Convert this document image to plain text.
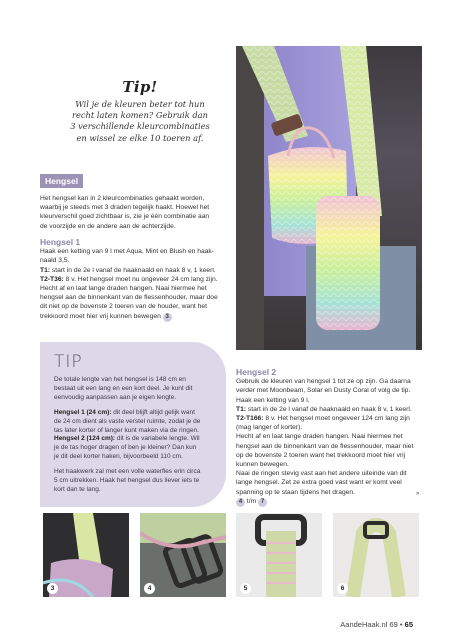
Tip!
Wil je de kleuren beter tot hun
recht laten komen? Gebruik dan
3 verschillende kleurcombinaties
en wissel ze elke 10 toeren af.
Hengsel
Het hengsel kan in 2 kleurcombinaties gehaakt worden,
waarbij je steeds met 3 draden tegelijk haakt. Hoewel het
kleurverschil goed zichtbaar is, zie je één combinatie aan
de voorzijde en de andere aan de achterzijde.
Hengsel 1
Haak een ketting van 9 l met Aqua, Mint en Blush en haak-
naald 3,5.
T1: start in de 2e l vanaf de haaknaald en haak 8 v, 1 keerl.
T2-T36: 8 v. Het hengsel moet nu ongeveer 24 cm lang zijn.
Hecht af en laat lange draden hangen. Naai hiermee het
hengsel aan de binnenkant van de flessenhouder, maar doe
dit niet op de bovenste 2 toeren van de houder, want het
trekkoord moet hier vrij kunnen bewegen 3
TIP

De totale lengte van het hengsel is 148 cm en
bestaat uit een lang en een kort deel. Je kunt dit
eenvoudig aanpassen aan je eigen lengte.

Hengsel 1 (24 cm): dit deel blijft altijd gelijk want
de 24 cm dient als vaste verstel ruimte, zodat je de
tas later korter of langer kunt maken via de ringen.
Hengsel 2 (124 cm): dit is de variabele lengte. Wil
je de tas hoger dragen of ben je kleiner? Dan kun
je dit deel korter haken, bijvoorbeeld 110 cm.

Het haakwerk zal met een volle waterfles erin circa
5 cm uitrekken. Haak het hengsel dus liever iets te
kort dan te lang.

Hengsel 2
Gebruik de kleuren van hengsel 1 tot ze op zijn. Ga daarna
verder met Moonbeam, Solar en Dusty Coral of volg de tip.
Haak een ketting van 9 l.
T1: start in de 2e l vanaf de haaknaald en haak 8 v, 1 keerl.
T2-T166: 8 v. Het hengsel moet ongeveer 124 cm lang zijn
(mag langer of korter).
Hecht af en laat lange draden hangen. Naai hiermee het
hengsel aan de binnenkant van de flessenhouder, maar niet
op de bovenste 2 toeren want het trekkoord moet hier vrij
kunnen bewegen.
Naai de ringen stevig vast aan het andere uiteinde van dit
lange hengsel. Zet ze extra goed vast want er komt veel
spanning op te staan tijdens het dragen.
4 t/m 7
»
3	4	5	6
AandeHaak.nl 69 • 65
